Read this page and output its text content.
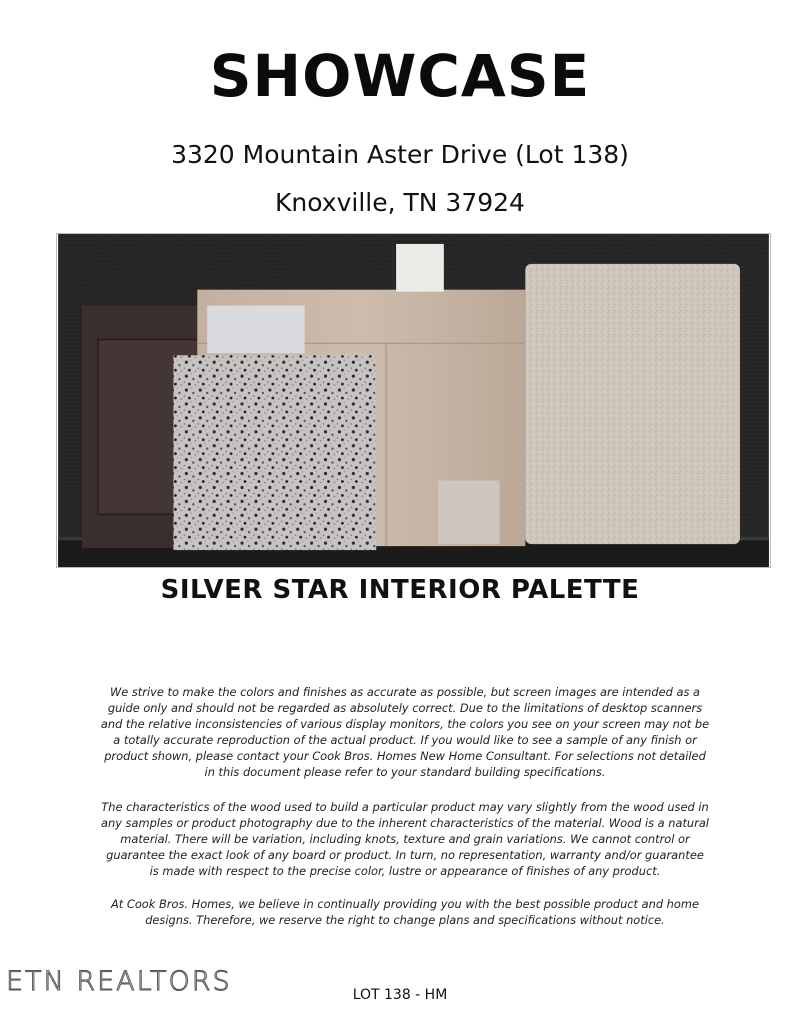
SHOWCASE
3320 Mountain Aster Drive (Lot 138)
Knoxville, TN 37924
SILVER STAR INTERIOR PALETTE

We strive to make the colors and finishes as accurate as possible, but screen images are intended as a guide only and should not be regarded as absolutely correct. Due to the limitations of desktop scanners and the relative inconsistencies of various display monitors, the colors you see on your screen may not be a totally accurate reproduction of the actual product. If you would like to see a sample of any finish or product shown, please contact your Cook Bros. Homes New Home Consultant. For selections not detailed in this document please refer to your standard building specifications.

The characteristics of the wood used to build a particular product may vary slightly from the wood used in any samples or product photography due to the inherent characteristics of the material. Wood is a natural material. There will be variation, including knots, texture and grain variations. We cannot control or guarantee the exact look of any board or product. In turn, no representation, warranty and/or guarantee is made with respect to the precise color, lustre or appearance of finishes of any product.

At Cook Bros. Homes, we believe in continually providing you with the best possible product and home designs. Therefore, we reserve the right to change plans and specifications without notice.

ETN REALTORS	LOT 138 - HM
